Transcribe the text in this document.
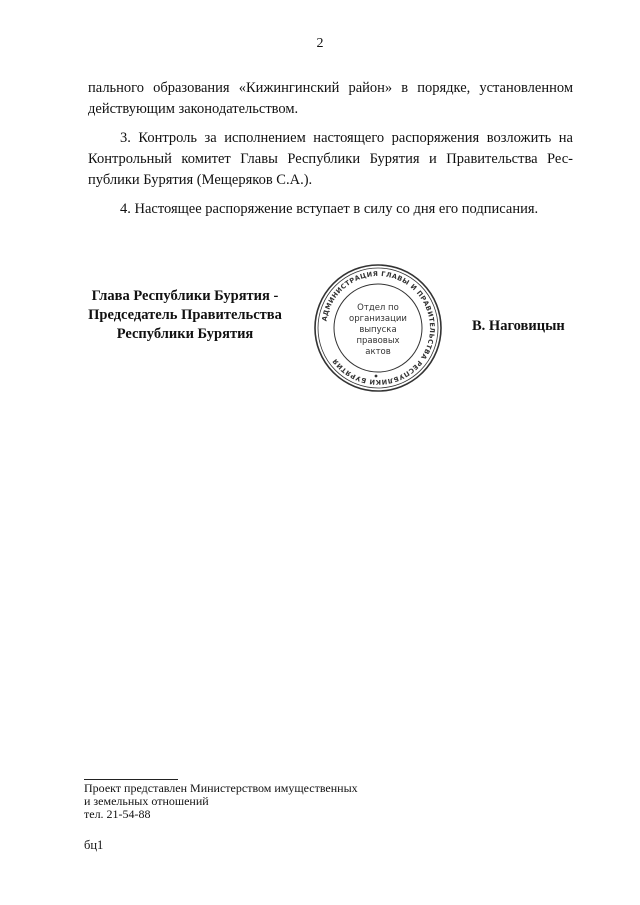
2

пального образования «Кижингинский район» в порядке, установленном
действующим законодательством.

3. Контроль за исполнением настоящего распоряжения возложить на
Контрольный комитет Главы Республики Бурятия и Правительства Рес-
публики Бурятия (Мещеряков С.А.).

4. Настоящее распоряжение вступает в силу со дня его подписания.

Глава Республики Бурятия -
Председатель Правительства
Республики Бурятия
АДМИНИСТРАЦИЯ ГЛАВЫ И ПРАВИТЕЛЬСТВА РЕСПУБЛИКИ БУРЯТИЯ
Отдел по
организации
выпуска
правовых
актов
В. Наговицын
Проект представлен Министерством имущественных
и земельных отношений
тел. 21-54-88
бц1
